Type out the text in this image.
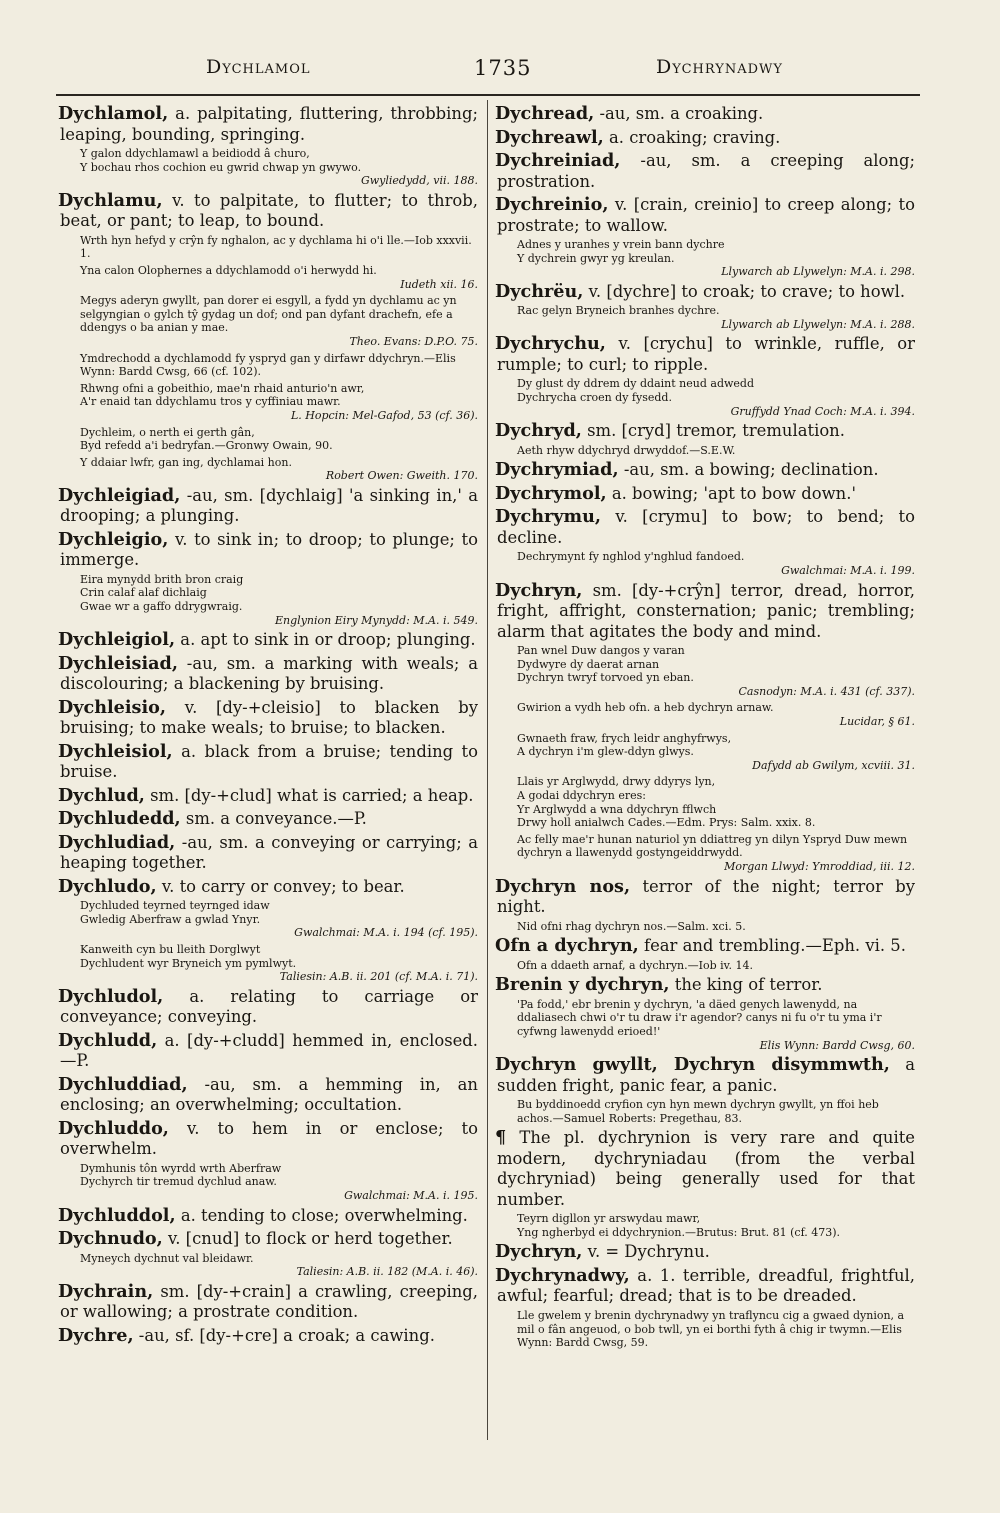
Dychlamol	1735	Dychrynadwy

Dychlamol, a. palpitating, fluttering, throbbing; leaping, bounding, springing.

Y galon ddychlamawl a beidiodd â churo,
Y bochau rhos cochion eu gwrid chwap yn gwywo.
Gwyliedydd, vii. 188.

Dychlamu, v. to palpitate, to flutter; to throb, beat, or pant; to leap, to bound.

Wrth hyn hefyd y crŷn fy nghalon, ac y dychlama hi o'i lle.—Iob xxxvii. 1.
Yna calon Olophernes a ddychlamodd o'i herwydd hi.
Iudeth xii. 16.
Megys aderyn gwyllt, pan dorer ei esgyll, a fydd yn dychlamu ac yn selgyngian o gylch tŷ gydag un dof; ond pan dyfant drachefn, efe a ddengys o ba anian y mae.
Theo. Evans: D.P.O. 75.
Ymdrechodd a dychlamodd fy yspryd gan y dirfawr ddychryn.—Elis Wynn: Bardd Cwsg, 66 (cf. 102).
Rhwng ofni a gobeithio, mae'n rhaid anturio'n awr,
A'r enaid tan ddychlamu tros y cyffiniau mawr.
L. Hopcin: Mel-Gafod, 53 (cf. 36).
Dychleim, o nerth ei gerth gân,
Byd refedd a'i bedryfan.—Gronwy Owain, 90.
Y ddaiar lwfr, gan ing, dychlamai hon.
Robert Owen: Gweith. 170.

Dychleigiad, -au, sm. [dychlaig] 'a sinking in,' a drooping; a plunging.

Dychleigio, v. to sink in; to droop; to plunge; to immerge.

Eira mynydd brith bron craig
Crin calaf alaf dichlaig
Gwae wr a gaffo ddrygwraig.
Englynion Eiry Mynydd: M.A. i. 549.

Dychleigiol, a. apt to sink in or droop; plunging.

Dychleisiad, -au, sm. a marking with weals; a discolouring; a blackening by bruising.

Dychleisio, v. [dy-+cleisio] to blacken by bruising; to make weals; to bruise; to blacken.

Dychleisiol, a. black from a bruise; tending to bruise.

Dychlud, sm. [dy-+clud] what is carried; a heap.

Dychludedd, sm. a conveyance.—P.

Dychludiad, -au, sm. a conveying or carrying; a heaping together.

Dychludo, v. to carry or convey; to bear.

Dychluded teyrned teyrnged idaw
Gwledig Aberfraw a gwlad Ynyr.
Gwalchmai: M.A. i. 194 (cf. 195).
Kanweith cyn bu lleith Dorglwyt
Dychludent wyr Bryneich ym pymlwyt.
Taliesin: A.B. ii. 201 (cf. M.A. i. 71).

Dychludol, a. relating to carriage or conveyance; conveying.

Dychludd, a. [dy-+cludd] hemmed in, enclosed.—P.

Dychluddiad, -au, sm. a hemming in, an enclosing; an overwhelming; occultation.

Dychluddo, v. to hem in or enclose; to overwhelm.

Dymhunis tôn wyrdd wrth Aberfraw
Dychyrch tir tremud dychlud anaw.
Gwalchmai: M.A. i. 195.

Dychluddol, a. tending to close; overwhelming.

Dychnudo, v. [cnud] to flock or herd together.

Myneych dychnut val bleidawr.
Taliesin: A.B. ii. 182 (M.A. i. 46).

Dychrain, sm. [dy-+crain] a crawling, creeping, or wallowing; a prostrate condition.

Dychre, -au, sf. [dy-+cre] a croak; a cawing.

Dychread, -au, sm. a croaking.

Dychreawl, a. croaking; craving.

Dychreiniad, -au, sm. a creeping along; prostration.

Dychreinio, v. [crain, creinio] to creep along; to prostrate; to wallow.

Adnes y uranhes y vrein bann dychre
Y dychrein gwyr yg kreulan.
Llywarch ab Llywelyn: M.A. i. 298.

Dychrëu, v. [dychre] to croak; to crave; to howl.

Rac gelyn Bryneich branhes dychre.
Llywarch ab Llywelyn: M.A. i. 288.

Dychrychu, v. [crychu] to wrinkle, ruffle, or rumple; to curl; to ripple.

Dy glust dy ddrem dy ddaint neud adwedd
Dychrycha croen dy fysedd.
Gruffydd Ynad Coch: M.A. i. 394.

Dychryd, sm. [cryd] tremor, tremulation.

Aeth rhyw ddychryd drwyddof.—S.E.W.

Dychrymiad, -au, sm. a bowing; declination.

Dychrymol, a. bowing; 'apt to bow down.'

Dychrymu, v. [crymu] to bow; to bend; to decline.

Dechrymynt fy nghlod y'nghlud fandoed.
Gwalchmai: M.A. i. 199.

Dychryn, sm. [dy-+crŷn] terror, dread, horror, fright, affright, consternation; panic; trembling; alarm that agitates the body and mind.

Pan wnel Duw dangos y varan
Dydwyre dy daerat arnan
Dychryn twryf torvoed yn eban.
Casnodyn: M.A. i. 431 (cf. 337).
Gwirion a vydh heb ofn. a heb dychryn arnaw.
Lucidar, § 61.
Gwnaeth fraw, frych leidr anghyfrwys,
A dychryn i'm glew-ddyn glwys.
Dafydd ab Gwilym, xcviii. 31.
Llais yr Arglwydd, drwy ddyrys lyn,
A godai ddychryn eres:
Yr Arglwydd a wna ddychryn fflwch
Drwy holl anialwch Cades.—Edm. Prys: Salm. xxix. 8.
Ac felly mae'r hunan naturiol yn ddiattreg yn dilyn Yspryd Duw mewn dychryn a llawenydd gostyngeiddrwydd.
Morgan Llwyd: Ymroddiad, iii. 12.

Dychryn nos, terror of the night; terror by night.

Nid ofni rhag dychryn nos.—Salm. xci. 5.

Ofn a dychryn, fear and trembling.—Eph. vi. 5.

Ofn a ddaeth arnaf, a dychryn.—Iob iv. 14.

Brenin y dychryn, the king of terror.

'Pa fodd,' ebr brenin y dychryn, 'a däed genych lawenydd, na ddaliasech chwi o'r tu draw i'r agendor? canys ni fu o'r tu yma i'r cyfwng lawenydd erioed!'
Elis Wynn: Bardd Cwsg, 60.

Dychryn gwyllt, Dychryn disymmwth, a sudden fright, panic fear, a panic.

Bu byddinoedd cryfion cyn hyn mewn dychryn gwyllt, yn ffoi heb achos.—Samuel Roberts: Pregethau, 83.

¶ The pl. dychrynion is very rare and quite modern, dychryniadau (from the verbal dychryniad) being generally used for that number.

Teyrn digllon yr arswydau mawr,
Yng ngherbyd ei ddychrynion.—Brutus: Brut. 81 (cf. 473).

Dychryn, v. = Dychrynu.

Dychrynadwy, a. 1. terrible, dreadful, frightful, awful; fearful; dread; that is to be dreaded.

Lle gwelem y brenin dychrynadwy yn traflyncu cig a gwaed dynion, a mil o fân angeuod, o bob twll, yn ei borthi fyth â chig ir twymn.—Elis Wynn: Bardd Cwsg, 59.
